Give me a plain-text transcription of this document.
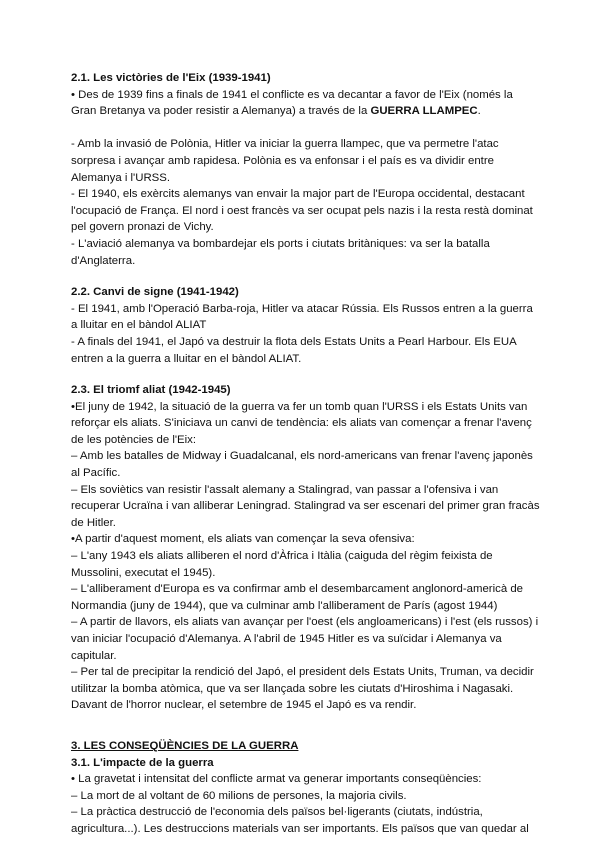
2.1. Les victòries de l'Eix (1939-1941)

• Des de 1939 fins a finals de 1941 el conflicte es va decantar a favor de l'Eix (només la Gran Bretanya va poder resistir a Alemanya) a través de la GUERRA LLAMPEC.

- Amb la invasió de Polònia, Hitler va iniciar la guerra llampec, que va permetre l'atac sorpresa i avançar amb rapidesa. Polònia es va enfonsar i el país es va dividir entre Alemanya i l'URSS.

- El 1940, els exèrcits alemanys van envair la major part de l'Europa occidental, destacant l'ocupació de França. El nord i oest francès va ser ocupat pels nazis i la resta restà dominat pel govern pronazi de Vichy.

- L'aviació alemanya va bombardejar els ports i ciutats britàniques: va ser la batalla d'Anglaterra.

2.2. Canvi de signe (1941-1942)

- El 1941, amb l'Operació Barba-roja, Hitler va atacar Rússia. Els Russos entren a la guerra a lluitar en el bàndol ALIAT

- A finals del 1941, el Japó va destruir la flota dels Estats Units a Pearl Harbour. Els EUA entren a la guerra a lluitar en el bàndol ALIAT.

2.3. El triomf aliat (1942-1945)

•El juny de 1942, la situació de la guerra va fer un tomb quan l'URSS i els Estats Units van reforçar els aliats. S'iniciava un canvi de tendència: els aliats van començar a frenar l'avenç de les potències de l'Eix:

– Amb les batalles de Midway i Guadalcanal, els nord-americans van frenar l'avenç japonès al Pacífic.

– Els soviètics van resistir l'assalt alemany a Stalingrad, van passar a l'ofensiva i van recuperar Ucraïna i van alliberar Leningrad. Stalingrad va ser escenari del primer gran fracàs de Hitler.

•A partir d'aquest moment, els aliats van començar la seva ofensiva:

– L'any 1943 els aliats alliberen el nord d'Àfrica i Itàlia (caiguda del règim feixista de Mussolini, executat el 1945).

– L'alliberament d'Europa es va confirmar amb el desembarcament anglonord-americà de Normandia (juny de 1944), que va culminar amb l'alliberament de París (agost 1944)

– A partir de llavors, els aliats van avançar per l'oest (els angloamericans) i l'est (els russos) i van iniciar l'ocupació d'Alemanya. A l'abril de 1945 Hitler es va suïcidar i Alemanya va capitular.

– Per tal de precipitar la rendició del Japó, el president dels Estats Units, Truman, va decidir utilitzar la bomba atòmica, que va ser llançada sobre les ciutats d'Hiroshima i Nagasaki. Davant de l'horror nuclear, el setembre de 1945 el Japó es va rendir.

3. LES CONSEQÜÈNCIES DE LA GUERRA

3.1. L'impacte de la guerra

• La gravetat i intensitat del conflicte armat va generar importants conseqüències:

– La mort de al voltant de 60 milions de persones, la majoria civils.

– La pràctica destrucció de l'economia dels països bel·ligerants (ciutats, indústria, agricultura...). Les destruccions materials van ser importants. Els països que van quedar al
